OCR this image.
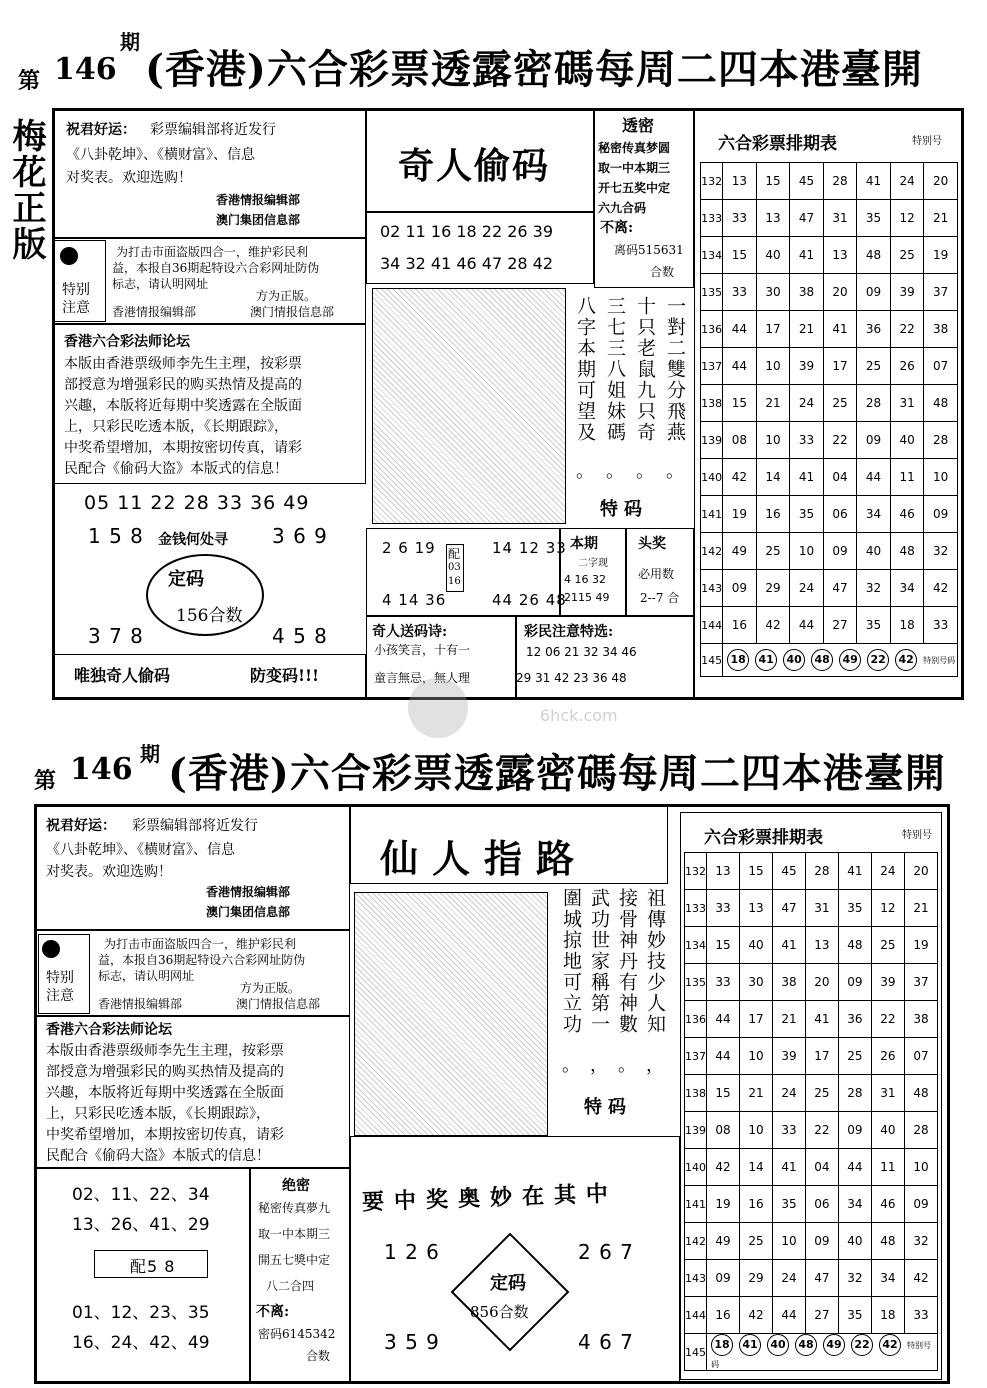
第 146
期
(香港)六合彩票透露密碼每周二四本港臺開
梅花正版 祝君好运： 彩票编辑部将近发行
《八卦乾坤》、《横财富》、信息
对奖表。欢迎选购！
香港情报编辑部
澳门集团信息部
特别
注意
为打击市面盗版四合一，维护彩民利
益，本报自36期起特设六合彩网址防伪
标志，请认明网址
方为正版。
香港情报编辑部	澳门情报信息部
香港六合彩法师论坛
本版由香港票级师李先生主理，按彩票
部授意为增强彩民的购买热情及提高的
兴趣，本版将近每期中奖透露在全版面
上，只彩民吃透本版，《长期跟踪》，
中奖希望增加，本期按密切传真，请彩
民配合《偷码大盗》本版式的信息！
05 11 22 28 33 36 49
1 5 8	3 6 9
金钱何处寻
定码
156合数
3 7 8	4 5 8
唯独奇人偷码	防变码!!!
奇人偷码
02 11 16 18 22 26 39
34 32 41 46 47 28 42
一對二雙分飛燕
十只老鼠九只奇
三七三八姐妹碼
八字本期可望及
。
。
。
。
特码
透密
秘密传真梦圆
取一中本期三
开七五奖中定
六九合码
不离:
离码515631
合数
2 6 19
4 14 36
配
03
16
14 12 33
44 26 48
本期
二字现
4 16 32
2115 49
头奖
必用数
2--7 合
奇人送码诗:
小孩笑言，十有一
童言無忌，無人理
彩民注意特选:
12 06 21 32 34 46
29 31 42 23 36 48
六合彩票排期表	特别号
132	13	15	45	28	41	24	20
133	33	13	47	31	35	12	21
134	15	40	41	13	48	25	19
135	33	30	38	20	09	39	37
136	44	17	21	41	36	22	38
137	44	10	39	17	25	26	07
138	15	21	24	25	28	31	48
139	08	10	33	22	09	40	28
140	42	14	41	04	44	11	10
141	19	16	35	06	34	46	09
142	49	25	10	09	40	48	32
143	09	29	24	47	32	34	42
144	16	42	44	27	35	18	33
145	18 41 40 48 49 22 42 特别号码						
6hck.com
第 146 期 (香港)六合彩票透露密碼每周二四本港臺開
祝君好运： 彩票编辑部将近发行
《八卦乾坤》、《横财富》、信息
对奖表。欢迎选购！
香港情报编辑部
澳门集团信息部
特别
注意
为打击市面盗版四合一，维护彩民利
益，本报自36期起特设六合彩网址防伪
标志，请认明网址
方为正版。
香港情报编辑部	澳门情报信息部
香港六合彩法师论坛
本版由香港票级师李先生主理，按彩票
部授意为增强彩民的购买热情及提高的
兴趣，本版将近每期中奖透露在全版面
上，只彩民吃透本版，《长期跟踪》，
中奖希望增加，本期按密切传真，请彩
民配合《偷码大盗》本版式的信息！
02、11、22、34
13、26、41、29
配5 8
01、12、23、35
16、24、42、49
绝密
秘密传真夢九
取一中本期三
開五七獎中定
八二合四
不离:
密码6145342
合数
仙人指路
祖傳妙技少人知
接骨神丹有神數
武功世家稱第一
圍城掠地可立功
，
。
，
。
特码
要中奖奥妙在其中
1 2 6	2 6 7
定码
856合数
3 5 9	4 6 7
六合彩票排期表	特别号
132	13	15	45	28	41	24	20
133	33	13	47	31	35	12	21
134	15	40	41	13	48	25	19
135	33	30	38	20	09	39	37
136	44	17	21	41	36	22	38
137	44	10	39	17	25	26	07
138	15	21	24	25	28	31	48
139	08	10	33	22	09	40	28
140	42	14	41	04	44	11	10
141	19	16	35	06	34	46	09
142	49	25	10	09	40	48	32
143	09	29	24	47	32	34	42
144	16	42	44	27	35	18	33
145	18 41 40 48 49 22 42 特别号码						
